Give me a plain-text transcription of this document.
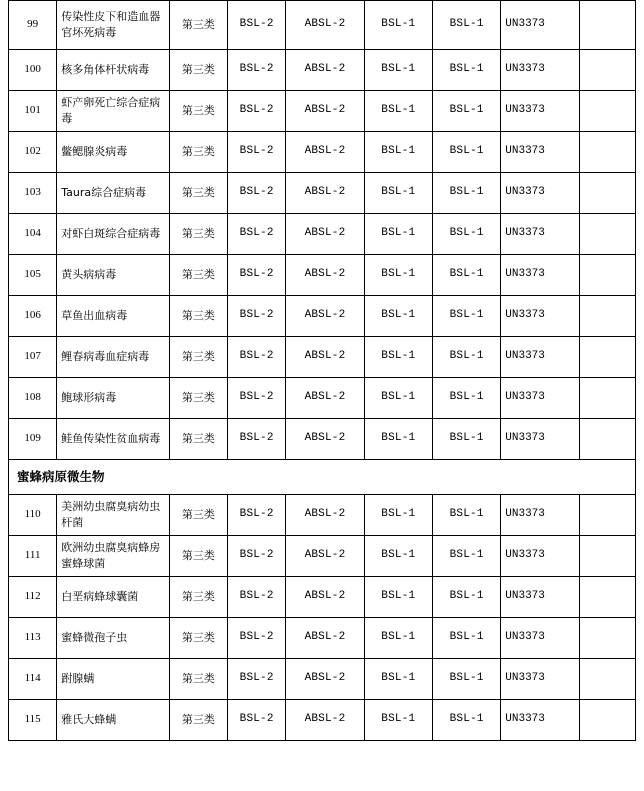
99	传染性皮下和造血器官坏死病毒	第三类	BSL-2	ABSL-2	BSL-1	BSL-1	UN3373	
100	核多角体杆状病毒	第三类	BSL-2	ABSL-2	BSL-1	BSL-1	UN3373	
101	虾产卵死亡综合症病毒	第三类	BSL-2	ABSL-2	BSL-1	BSL-1	UN3373	
102	鳖鳃腺炎病毒	第三类	BSL-2	ABSL-2	BSL-1	BSL-1	UN3373	
103	Taura综合症病毒	第三类	BSL-2	ABSL-2	BSL-1	BSL-1	UN3373	
104	对虾白斑综合症病毒	第三类	BSL-2	ABSL-2	BSL-1	BSL-1	UN3373	
105	黄头病病毒	第三类	BSL-2	ABSL-2	BSL-1	BSL-1	UN3373	
106	草鱼出血病毒	第三类	BSL-2	ABSL-2	BSL-1	BSL-1	UN3373	
107	鲤春病毒血症病毒	第三类	BSL-2	ABSL-2	BSL-1	BSL-1	UN3373	
108	鲍球形病毒	第三类	BSL-2	ABSL-2	BSL-1	BSL-1	UN3373	
109	鲑鱼传染性贫血病毒	第三类	BSL-2	ABSL-2	BSL-1	BSL-1	UN3373	
蜜蜂病原微生物								
110	美洲幼虫腐臭病幼虫杆菌	第三类	BSL-2	ABSL-2	BSL-1	BSL-1	UN3373	
111	欧洲幼虫腐臭病蜂房蜜蜂球菌	第三类	BSL-2	ABSL-2	BSL-1	BSL-1	UN3373	
112	白垩病蜂球囊菌	第三类	BSL-2	ABSL-2	BSL-1	BSL-1	UN3373	
113	蜜蜂微孢子虫	第三类	BSL-2	ABSL-2	BSL-1	BSL-1	UN3373	
114	跗腺螨	第三类	BSL-2	ABSL-2	BSL-1	BSL-1	UN3373	
115	雅氏大蜂螨	第三类	BSL-2	ABSL-2	BSL-1	BSL-1	UN3373	
